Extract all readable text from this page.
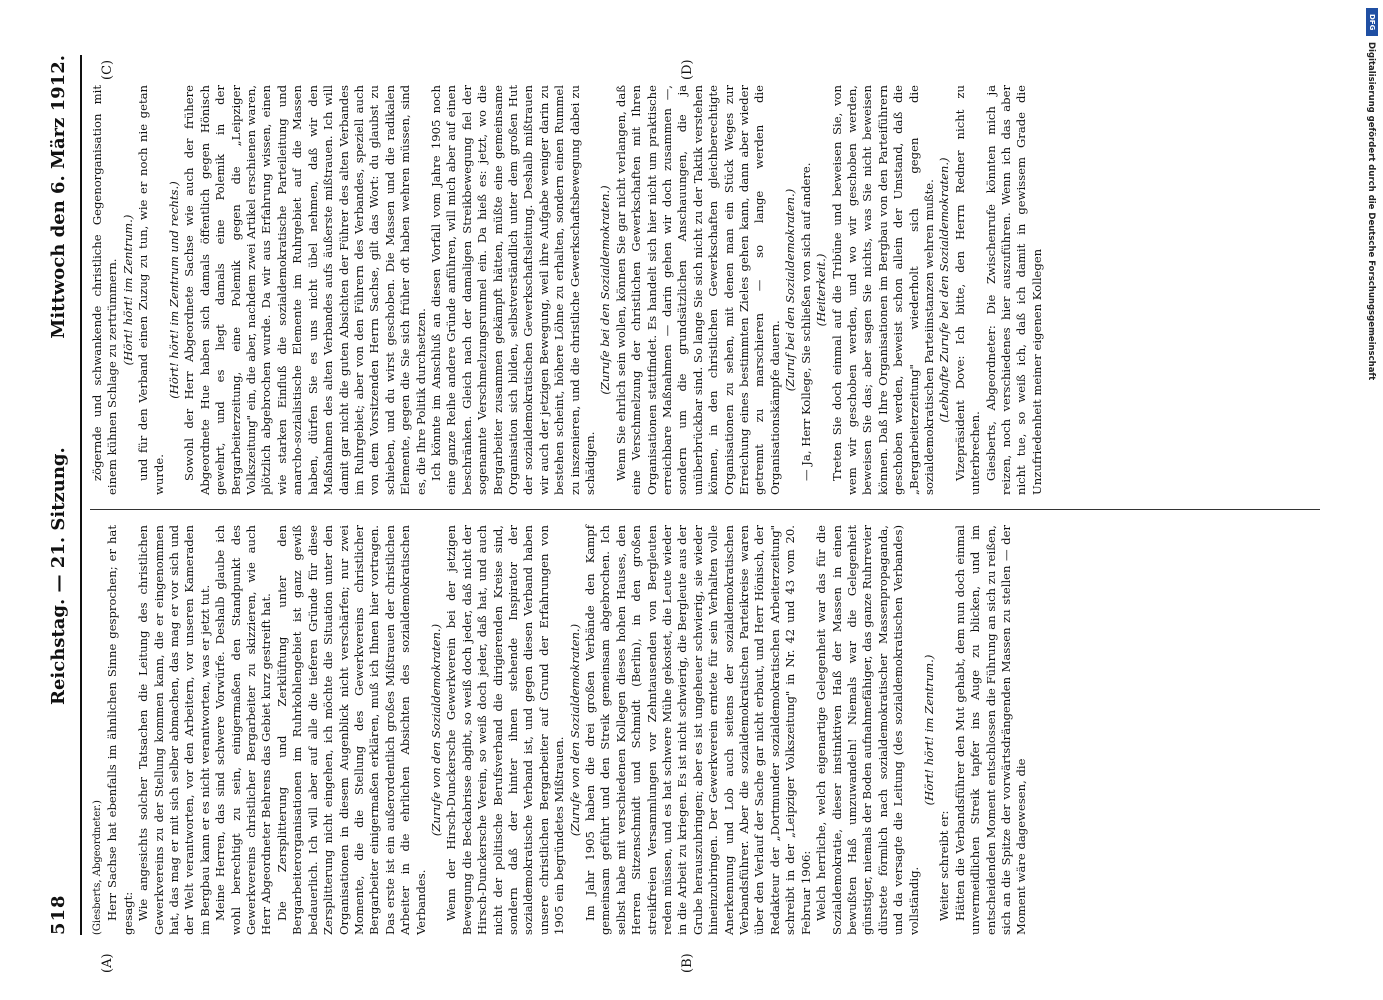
518
Reichstag. — 21. Sitzung.
Mittwoch den 6. März 1912.
(A)	(B)
(C)	(D)

(Giesberts, Abgeordneter.) Herr Sachse hat ebenfalls im ähnlichen Sinne gesprochen; er hat gesagt: Wie angesichts solcher Tatsachen die Leitung des christlichen Gewerkvereins zu der Stellung kommen kann, die er eingenommen hat, das mag er mit sich selber abmachen, das mag er vor sich und der Welt verantworten, vor den Arbeitern, vor unseren Kameraden im Bergbau kann er es nicht verantworten, was er jetzt tut. Meine Herren, das sind schwere Vorwürfe. Deshalb glaube ich wohl berechtigt zu sein, einigermaßen den Standpunkt des Gewerkvereins christlicher Bergarbeiter zu skizzieren, wie auch Herr Abgeordneter Behrens das Gebiet kurz gestreift hat. Die Zersplitterung und Zerklüftung unter den Bergarbeiterorganisationen im Ruhrkohlengebiet ist ganz gewiß bedauerlich. Ich will aber auf alle die tieferen Gründe für diese Zersplitterung nicht eingehen, ich möchte die Situation unter den Organisationen in diesem Augenblick nicht verschärfen; nur zwei Momente, die die Stellung des Gewerkvereins christlicher Bergarbeiter einigermaßen erklären, muß ich Ihnen hier vortragen. Das erste ist ein außerordentlich großes Mißtrauen der christlichen Arbeiter in die ehrlichen Absichten des sozialdemokratischen Verbandes.

(Zurufe von den Sozialdemokraten.) Wenn der Hirsch-Dunckersche Gewerkverein bei der jetzigen Bewegung die Beckabrisse abgibt, so weiß doch jeder, daß nicht der Hirsch-Dunckersche Verein, so weiß doch jeder, daß hat, und auch nicht der politische Berufsverband die dirigierenden Kreise sind, sondern daß der hinter ihnen stehende Inspirator der sozialdemokratische Verband ist, und gegen diesen Verband haben unsere christlichen Bergarbeiter auf Grund der Erfahrungen von 1905 ein begründetes Mißtrauen. (Zurufe von den Sozialdemokraten.) Im Jahr 1905 haben die drei großen Verbände den Kampf gemeinsam geführt und den Streik gemeinsam abgebrochen. Ich selbst habe mit verschiedenen Kollegen dieses hohen Hauses, den Herren Sitzenschmidt und Schmidt (Berlin), in den großen streikfreien Versammlungen vor Zehntausenden von Bergleuten reden müssen, und es hat schwere Mühe gekostet, die Leute wieder in die Arbeit zu kriegen. Es ist nicht schwierig, die Bergleute aus der Grube herauszubringen; aber es ist ungeheuer schwierig, sie wieder hineinzubringen. Der Gewerkverein erntete für sein Verhalten volle Anerkennung und Lob auch seitens der sozialdemokratischen Verbandsführer. Aber die sozialdemokratischen Parteikreise waren über den Verlauf der Sache gar nicht erbaut, und Herr Hönisch, der Redakteur der „Dortmunder sozialdemokratischen Arbeiterzeitung" schreibt in der „Leipziger Volkszeitung" in Nr. 42 und 43 vom 20. Februar 1906: Welch herrliche, welch eigenartige Gelegenheit war das für die Sozialdemokratie, dieser instinktiven Haß der Massen in einen bewußten Haß umzuwandeln! Niemals war die Gelegenheit günstiger, niemals der Boden aufnahmefähiger, das ganze Ruhrrevier dürstete förmlich nach sozialdemokratischer Massenpropaganda, und da versagte die Leitung (des sozialdemokratischen Verbandes) vollständig.

(Hört! hört! im Zentrum.)

Weiter schreibt er: Hätten die Verbandsführer den Mut gehabt, dem nun doch einmal unvermeidlichen Streik tapfer ins Auge zu blicken, und im entscheidenden Moment entschlossen die Führung an sich zu reißen, sich an die Spitze der vorwärtsdrängenden Massen zu stellen — der Moment wäre dagewesen, die

zögernde und schwankende christliche Gegenorganisation mit einem kühnen Schlage zu zertrümmern. (Hört! hört! im Zentrum.) und für den Verband einen Zuzug zu tun, wie er noch nie getan wurde.

(Hört! hört! im Zentrum und rechts.) Sowohl der Herr Abgeordnete Sachse wie auch der frühere Abgeordnete Hue haben sich damals öffentlich gegen Hönisch gewehrt, und es liegt damals eine Polemik in der Bergarbeiterzeitung, eine Polemik gegen die „Leipziger Volkszeitung" ein, die aber, nachdem zwei Artikel erschienen waren, plötzlich abgebrochen wurde. Da wir aus Erfahrung wissen, einen wie starken Einfluß die sozialdemokratische Parteileitung und anarcho-sozialistische Elemente im Ruhrgebiet auf die Massen haben, dürfen Sie es uns nicht übel nehmen, daß wir den Maßnahmen des alten Verbandes aufs äußerste mißtrauen. Ich will damit gar nicht die guten Absichten der Führer des alten Verbandes im Ruhrgebiet; aber von den Führern des Verbandes, speziell auch von dem Vorsitzenden Herrn Sachse, gilt das Wort: du glaubst zu schieben, und du wirst geschoben. Die Massen und die radikalen Elemente, gegen die Sie sich früher oft haben wehren müssen, sind es, die Ihre Politik durchsetzen. Ich könnte im Anschluß an diesen Vorfall vom Jahre 1905 noch eine ganze Reihe andere Gründe anführen, will mich aber auf einen beschränken. Gleich nach der damaligen Streikbewegung fiel der sogenannte Verschmelzungsrummel ein. Da hieß es: jetzt, wo die Bergarbeiter zusammen gekämpft hätten, müßte eine gemeinsame Organisation sich bilden, selbstverständlich unter dem großen Hut der sozialdemokratischen Gewerkschaftsleitung. Deshalb mißtrauen wir auch der jetzigen Bewegung, weil ihre Aufgabe weniger darin zu bestehen scheint, höhere Löhne zu erhalten, sondern einen Rummel zu inszenieren, und die christliche Gewerkschaftsbewegung dabei zu schädigen.

(Zurufe bei den Sozialdemokraten.) Wenn Sie ehrlich sein wollen, können Sie gar nicht verlangen, daß eine Verschmelzung der christlichen Gewerkschaften mit Ihren Organisationen stattfindet. Es handelt sich hier nicht um praktische erreichbare Maßnahmen — darin gehen wir doch zusammen —, sondern um die grundsätzlichen Anschauungen, die ja unüberbrückbar sind. So lange Sie sich nicht zu der Taktik verstehen können, in den christlichen Gewerkschaften gleichberechtigte Organisationen zu sehen, mit denen man ein Stück Weges zur Erreichung eines bestimmten Zieles gehen kann, dann aber wieder getrennt zu marschieren — so lange werden die Organisationskämpfe dauern.

(Zuruf bei den Sozialdemokraten.) — Ja, Herr Kollege, Sie schließen von sich auf andere. (Heiterkeit.) Treten Sie doch einmal auf die Tribüne und beweisen Sie, von wem wir geschoben werden, und wo wir geschoben werden, beweisen Sie das; aber sagen Sie nichts, was Sie nicht beweisen können. Daß Ihre Organisationen im Bergbau von den Parteiführern geschoben werden, beweist schon allein der Umstand, daß die „Bergarbeiterzeitung" wiederholt sich gegen die sozialdemokratischen Parteiinstanzen wehren mußte. (Lebhafte Zurufe bei den Sozialdemokraten.) Vizepräsident Dove: Ich bitte, den Herrn Redner nicht zu unterbrechen. Giesberts, Abgeordneter: Die Zwischenrufe könnten mich ja reizen, noch verschiedenes hier auszuführen. Wenn ich das aber nicht tue, so weiß ich, daß ich damit in gewissem Grade die Unzufriedenheit meiner eigenen Kollegen

DFG
Digitalisierung gefördert durch die Deutsche Forschungsgemeinschaft
